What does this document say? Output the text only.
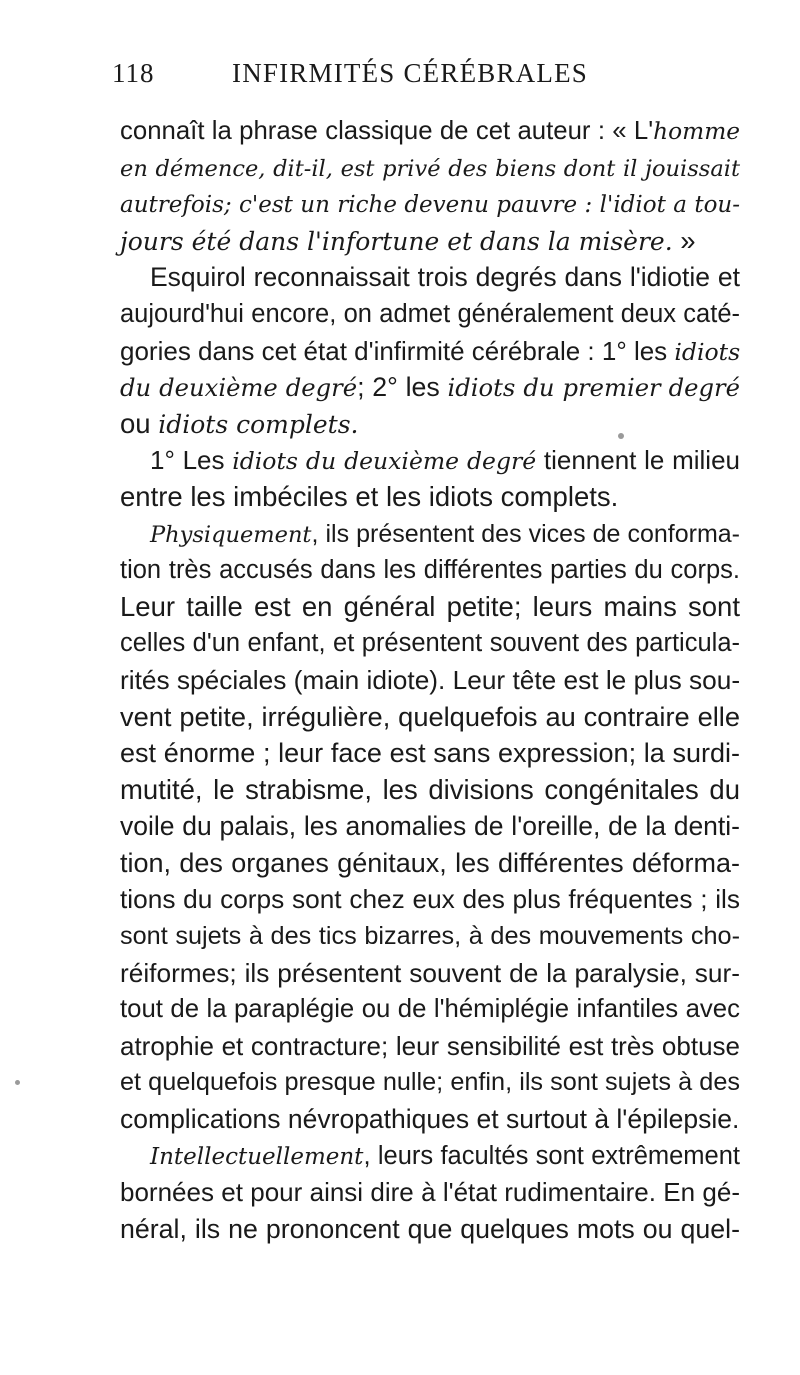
118	INFIRMITÉS CÉRÉBRALES
connaît la phrase classique de cet auteur : « L'homme
en démence, dit-il, est privé des biens dont il jouissait
autrefois; c'est un riche devenu pauvre : l'idiot a tou-
jours été dans l'infortune et dans la misère. »
Esquirol reconnaissait trois degrés dans l'idiotie et
aujourd'hui encore, on admet généralement deux caté-
gories dans cet état d'infirmité cérébrale : 1° les idiots
du deuxième degré; 2° les idiots du premier degré
ou idiots complets.
1° Les idiots du deuxième degré tiennent le milieu
entre les imbéciles et les idiots complets.
Physiquement, ils présentent des vices de conforma-
tion très accusés dans les différentes parties du corps.
Leur taille est en général petite; leurs mains sont
celles d'un enfant, et présentent souvent des particula-
rités spéciales (main idiote). Leur tête est le plus sou-
vent petite, irrégulière, quelquefois au contraire elle
est énorme ; leur face est sans expression; la surdi-
mutité, le strabisme, les divisions congénitales du
voile du palais, les anomalies de l'oreille, de la denti-
tion, des organes génitaux, les différentes déforma-
tions du corps sont chez eux des plus fréquentes ; ils
sont sujets à des tics bizarres, à des mouvements cho-
réiformes; ils présentent souvent de la paralysie, sur-
tout de la paraplégie ou de l'hémiplégie infantiles avec
atrophie et contracture; leur sensibilité est très obtuse
et quelquefois presque nulle; enfin, ils sont sujets à des
complications névropathiques et surtout à l'épilepsie.
Intellectuellement, leurs facultés sont extrêmement
bornées et pour ainsi dire à l'état rudimentaire. En gé-
néral, ils ne prononcent que quelques mots ou quel-
